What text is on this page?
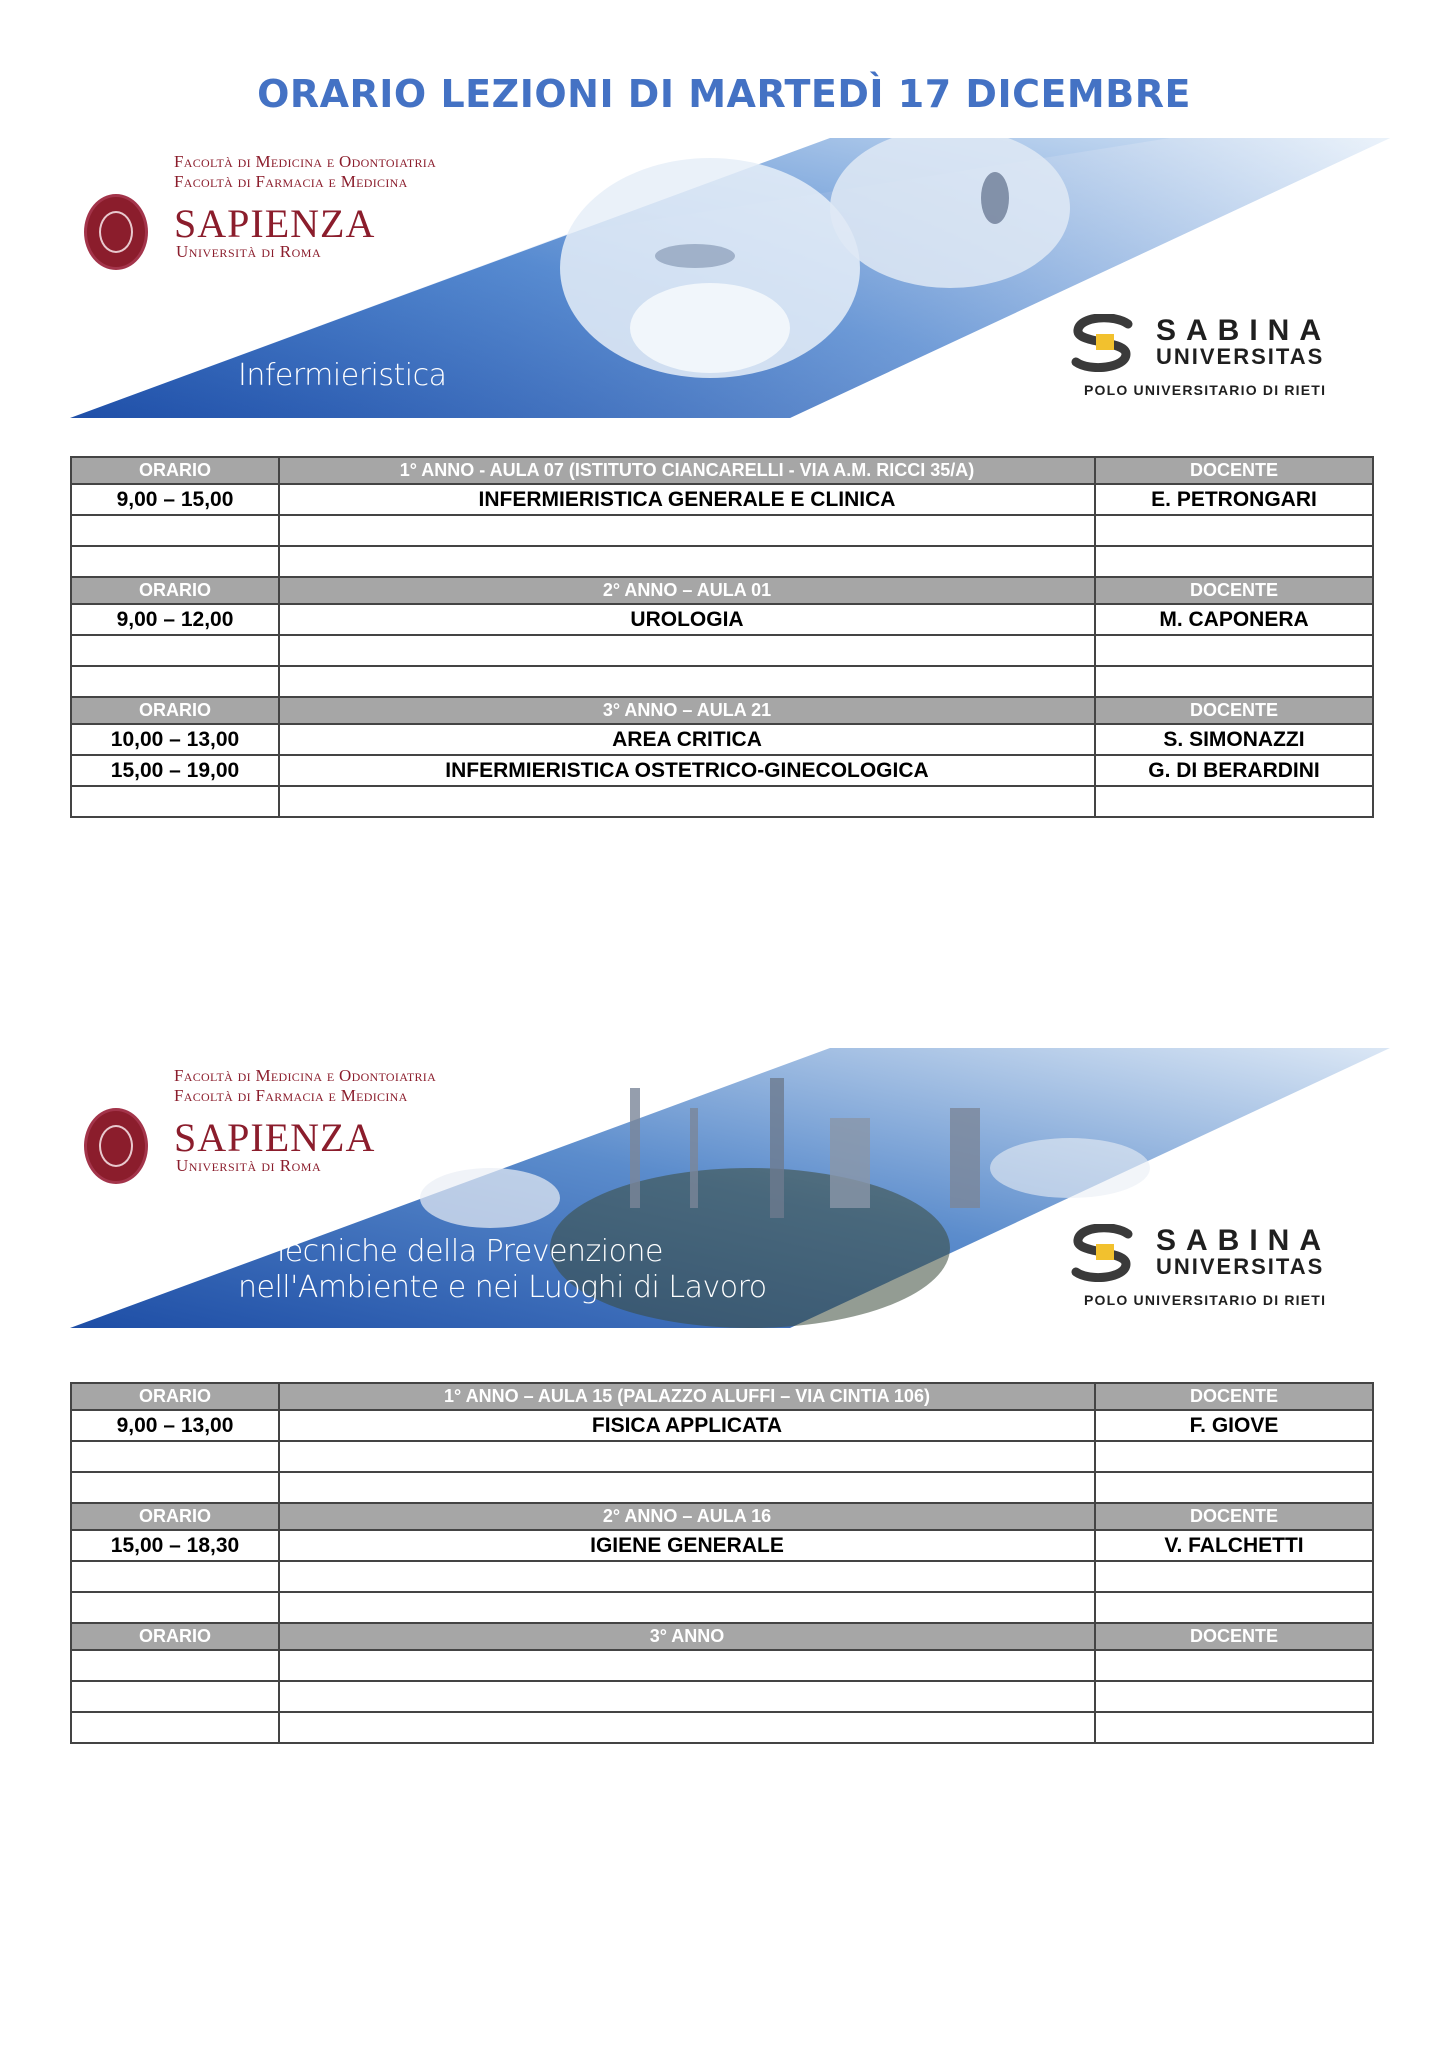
ORARIO LEZIONI DI MARTEDÌ 17 DICEMBRE
Facoltà di Medicina e Odontoiatria
Facoltà di Farmacia e Medicina
SAPIENZA
Università di Roma
Infermieristica
SABINA
UNIVERSITAS
POLO UNIVERSITARIO DI RIETI
ORARIO	1° ANNO - AULA 07 (ISTITUTO CIANCARELLI - VIA A.M. RICCI 35/A)	DOCENTE
9,00 – 15,00	INFERMIERISTICA GENERALE E CLINICA	E. PETRONGARI

ORARIO	2° ANNO – AULA 01	DOCENTE
9,00 – 12,00	UROLOGIA	M. CAPONERA

ORARIO	3° ANNO – AULA 21	DOCENTE
10,00 – 13,00	AREA CRITICA	S. SIMONAZZI
15,00 – 19,00	INFERMIERISTICA OSTETRICO-GINECOLOGICA	G. DI BERARDINI

Facoltà di Medicina e Odontoiatria
Facoltà di Farmacia e Medicina
SAPIENZA
Università di Roma
Tecniche della Prevenzione
nell'Ambiente e nei Luoghi di Lavoro
SABINA
UNIVERSITAS
POLO UNIVERSITARIO DI RIETI
ORARIO	1° ANNO – AULA 15 (PALAZZO ALUFFI – VIA CINTIA 106)	DOCENTE
9,00 – 13,00	FISICA APPLICATA	F. GIOVE

ORARIO	2° ANNO – AULA 16	DOCENTE
15,00 – 18,30	IGIENE GENERALE	V. FALCHETTI

ORARIO	3° ANNO	DOCENTE
